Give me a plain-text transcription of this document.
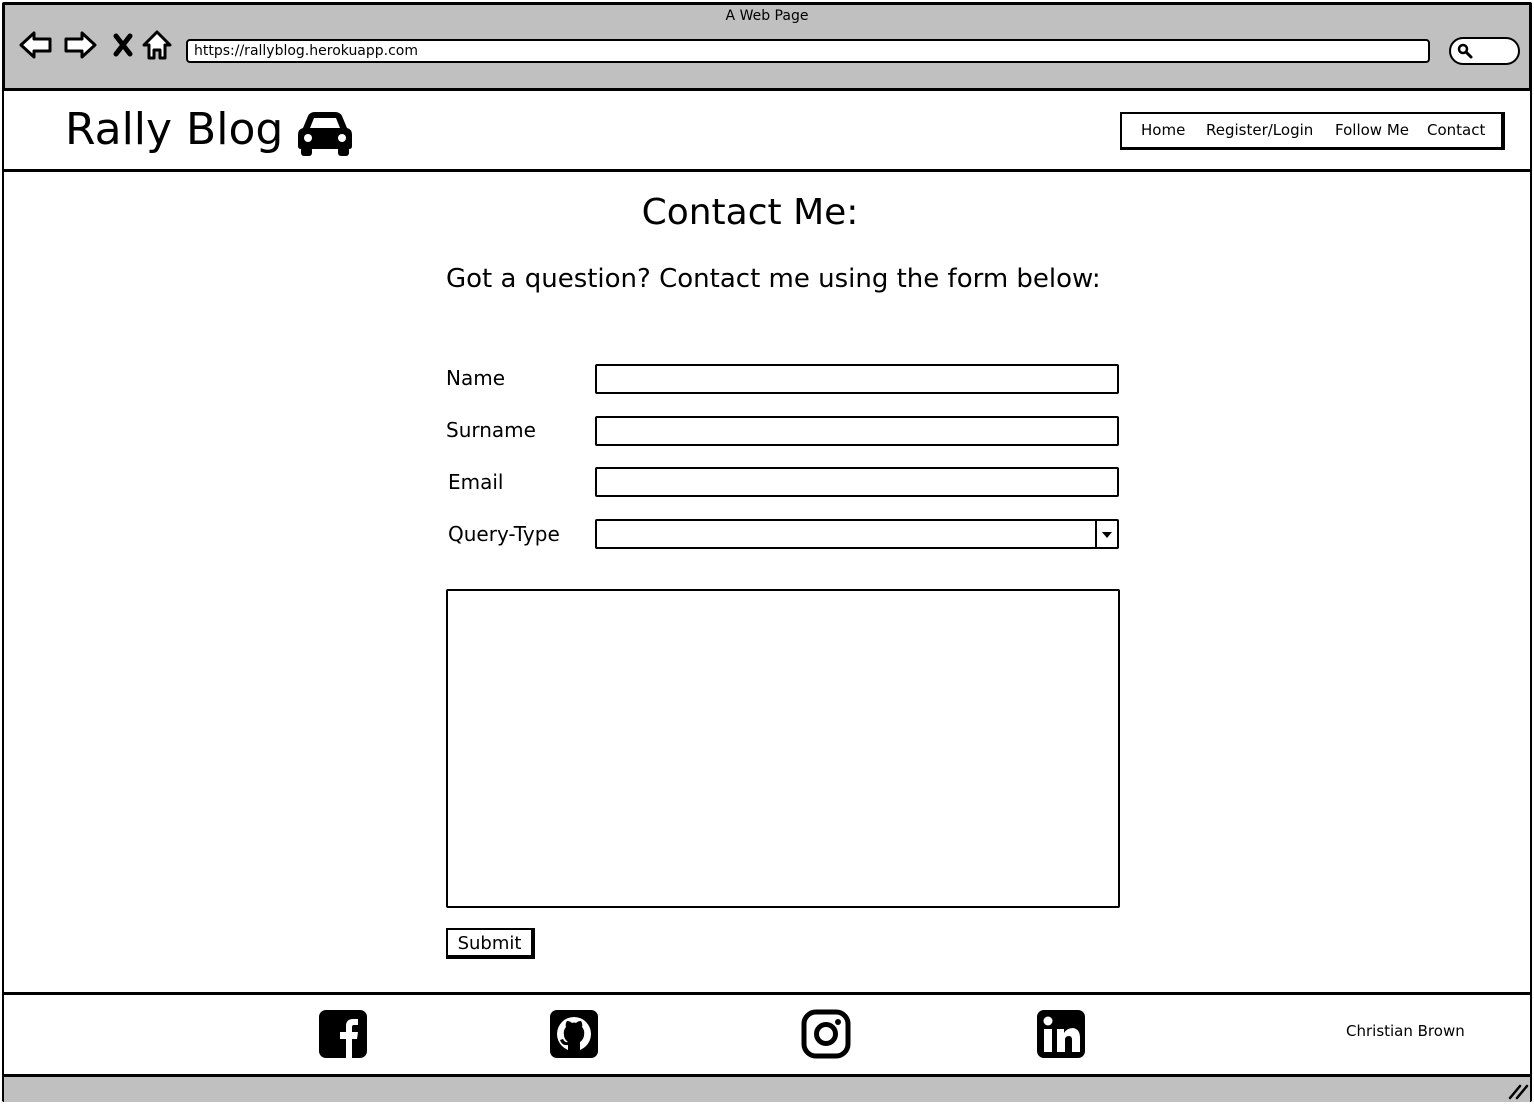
A Web Page
https://rallyblog.herokuapp.com
Rally Blog	Home Register/Login Follow Me Contact
Contact Me:
Got a question? Contact me using the form below:
Name
Surname
Email
Query-Type
Submit
Christian Brown
